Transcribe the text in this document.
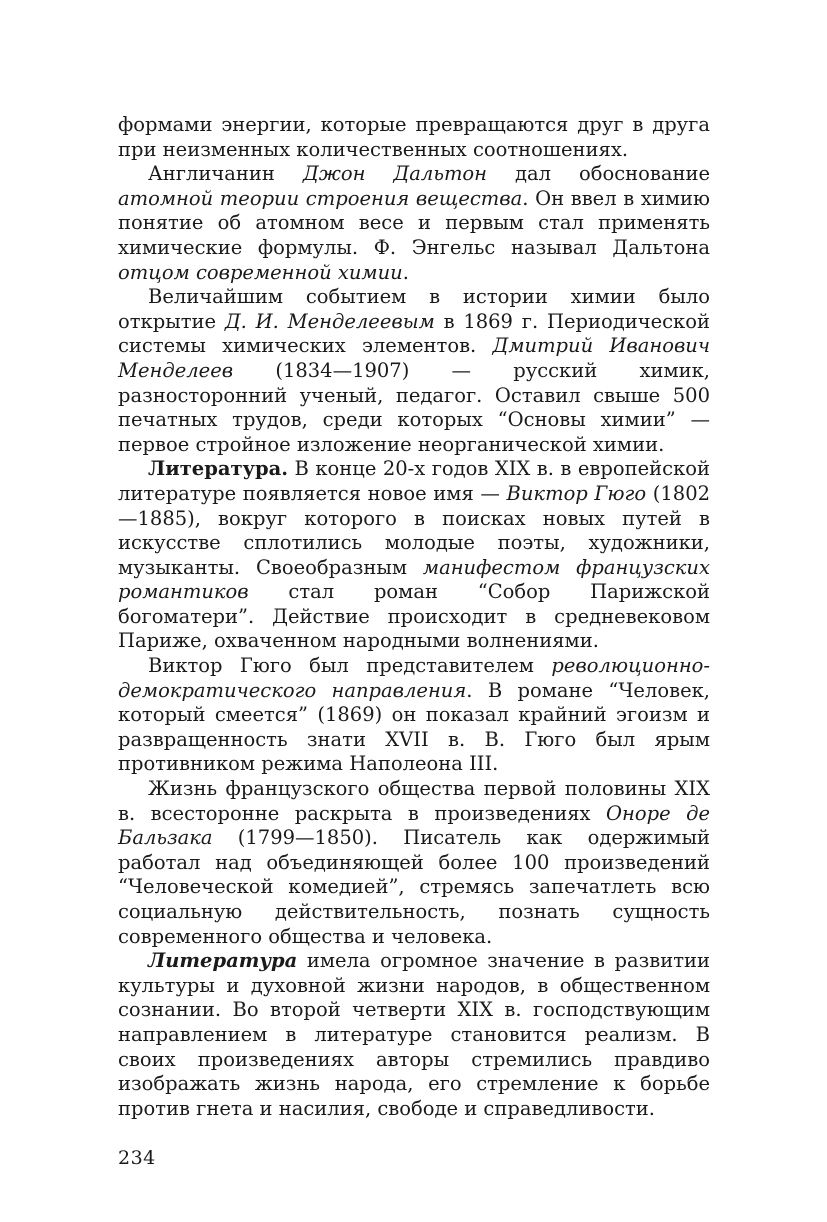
формами энергии, которые превращаются друг в друга при неизменных количественных соотношениях.

Англичанин Джон Дальтон дал обоснование атомной теории строения вещества. Он ввел в химию понятие об атомном весе и первым стал применять химические формулы. Ф. Энгельс называл Дальтона отцом современной химии.

Величайшим событием в истории химии было открытие Д. И. Менделеевым в 1869 г. Периодической системы химических элементов. Дмитрий Иванович Менделеев (1834—1907) — русский химик, разносторонний ученый, педагог. Оставил свыше 500 печатных трудов, среди которых “Основы химии” — первое стройное изложение неорганической химии.

Литература. В конце 20-х годов XIX в. в европейской литературе появляется новое имя — Виктор Гюго (1802—1885), вокруг которого в поисках новых путей в искусстве сплотились молодые поэты, художники, музыканты. Своеобразным манифестом французских романтиков стал роман “Собор Парижской богоматери”. Действие происходит в средневековом Париже, охваченном народными волнениями.

Виктор Гюго был представителем революционно-демократического направления. В романе “Человек, который смеется” (1869) он показал крайний эгоизм и развращенность знати XVII в. В. Гюго был ярым противником режима Наполеона III.

Жизнь французского общества первой половины XIX в. всесторонне раскрыта в произведениях Оноре де Бальзака (1799—1850). Писатель как одержимый работал над объединяющей более 100 произведений “Человеческой комедией”, стремясь запечатлеть всю социальную действительность, познать сущность современного общества и человека.

Литература имела огромное значение в развитии культуры и духовной жизни народов, в общественном сознании. Во второй четверти XIX в. господствующим направлением в литературе становится реализм. В своих произведениях авторы стремились правдиво изображать жизнь народа, его стремление к борьбе против гнета и насилия, свободе и справедливости.

234
